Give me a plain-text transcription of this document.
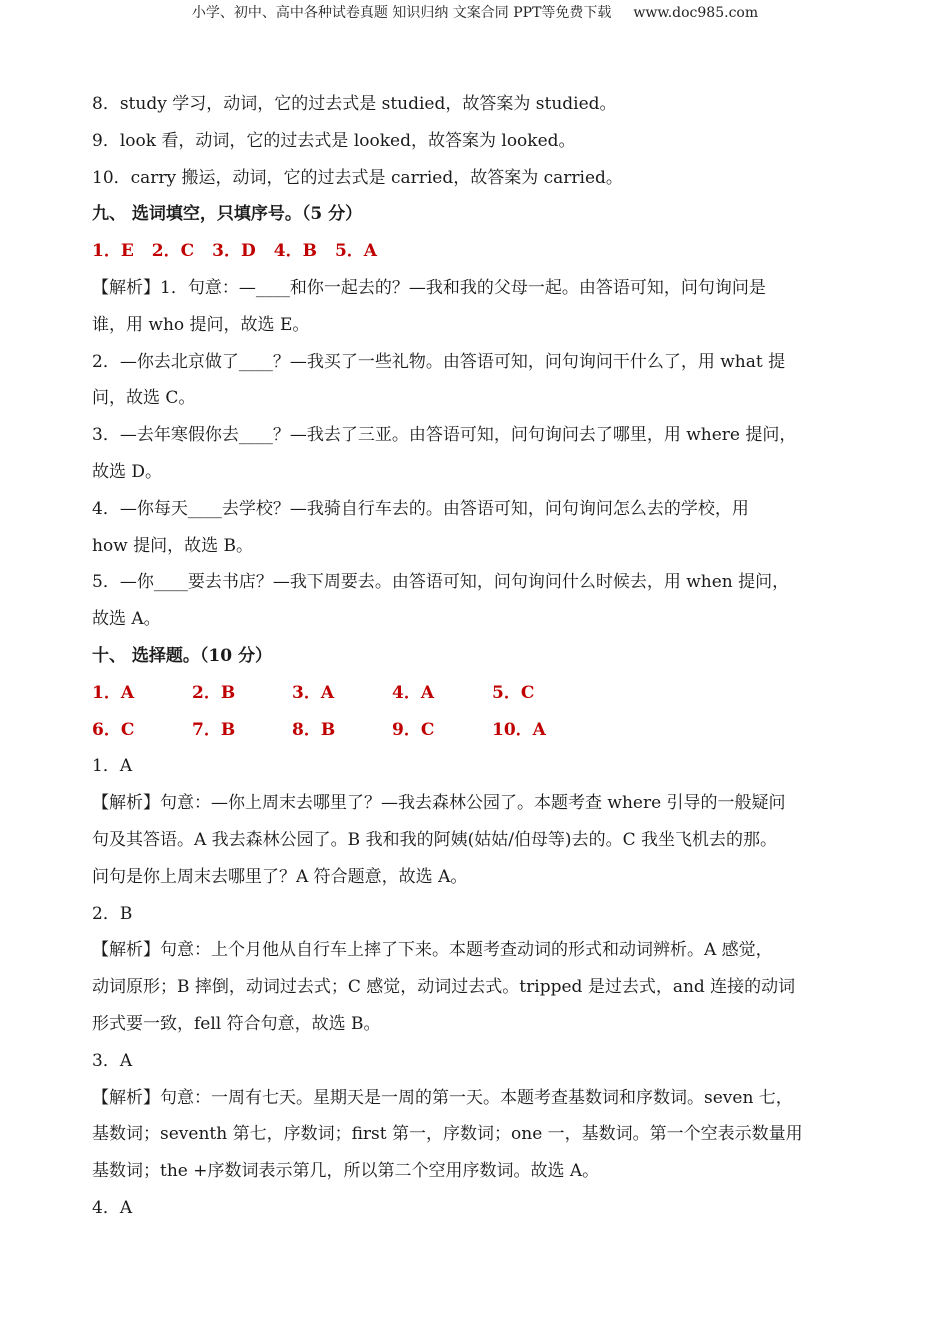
小学、初中、高中各种试卷真题 知识归纳 文案合同 PPT等免费下载 www.doc985.com

8．study 学习，动词，它的过去式是 studied，故答案为 studied。

9．look 看，动词，它的过去式是 looked，故答案为 looked。

10．carry 搬运，动词，它的过去式是 carried，故答案为 carried。

九、 选词填空，只填序号。（5 分）

1．E 2．C 3．D 4．B 5．A

【解析】1．句意：—____和你一起去的？—我和我的父母一起。由答语可知，问句询问是

谁，用 who 提问，故选 E。

2．—你去北京做了____？—我买了一些礼物。由答语可知，问句询问干什么了，用 what 提

问，故选 C。

3．—去年寒假你去____？—我去了三亚。由答语可知，问句询问去了哪里，用 where 提问，

故选 D。

4．—你每天____去学校？—我骑自行车去的。由答语可知，问句询问怎么去的学校，用

how 提问，故选 B。

5．—你____要去书店？—我下周要去。由答语可知，问句询问什么时候去，用 when 提问，

故选 A。

十、 选择题。（10 分）

1．A	2．B	3．A	4．A	5．C
6．C	7．B	8．B	9．C	10．A

1．A

【解析】句意：—你上周末去哪里了？—我去森林公园了。本题考查 where 引导的一般疑问

句及其答语。A 我去森林公园了。B 我和我的阿姨(姑姑/伯母等)去的。C 我坐飞机去的那。

问句是你上周末去哪里了？A 符合题意，故选 A。

2．B

【解析】句意：上个月他从自行车上摔了下来。本题考查动词的形式和动词辨析。A 感觉，

动词原形；B 摔倒，动词过去式；C 感觉，动词过去式。tripped 是过去式，and 连接的动词

形式要一致，fell 符合句意，故选 B。

3．A

【解析】句意：一周有七天。星期天是一周的第一天。本题考查基数词和序数词。seven 七，

基数词；seventh 第七，序数词；first 第一，序数词；one 一，基数词。第一个空表示数量用

基数词；the +序数词表示第几，所以第二个空用序数词。故选 A。

4．A
